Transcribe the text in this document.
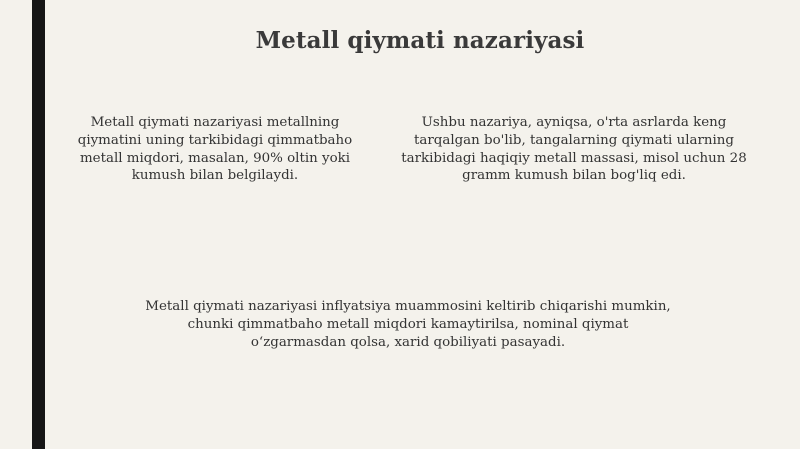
Metall qiymati nazariyasi

Metall qiymati nazariyasi metallning qiymatini uning tarkibidagi qimmatbaho metall miqdori, masalan, 90% oltin yoki kumush bilan belgilaydi.

Ushbu nazariya, ayniqsa, o'rta asrlarda keng tarqalgan bo'lib, tangalarning qiymati ularning tarkibidagi haqiqiy metall massasi, misol uchun 28 gramm kumush bilan bog'liq edi.

Metall qiymati nazariyasi inflyatsiya muammosini keltirib chiqarishi mumkin, chunki qimmatbaho metall miqdori kamaytirilsa, nominal qiymat o‘zgarmasdan qolsa, xarid qobiliyati pasayadi.
